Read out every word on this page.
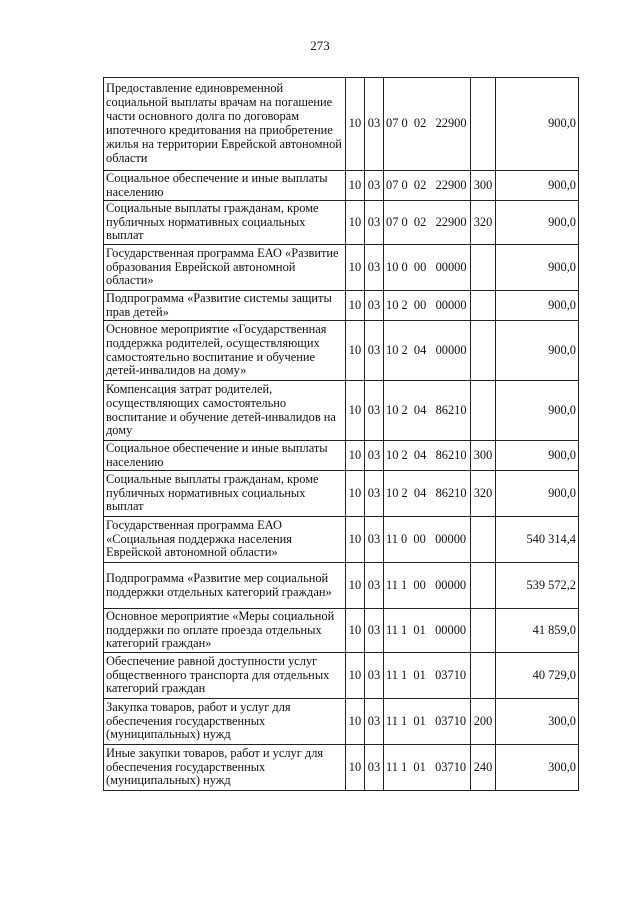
273
Предоставление единовременной социальной выплаты врачам на погашение части основного долга по договорам ипотечного кредитования на приобретение жилья на территории Еврейской автономной области	10	03	07 0  02   22900		900,0
Социальное обеспечение и иные выплаты населению	10	03	07 0  02   22900	300	900,0
Социальные выплаты гражданам, кроме публичных нормативных социальных выплат	10	03	07 0  02   22900	320	900,0
Государственная программа ЕАО «Развитие образования Еврейской автономной области»	10	03	10 0  00   00000		900,0
Подпрограмма «Развитие системы защиты прав детей»	10	03	10 2  00   00000		900,0
Основное мероприятие «Государственная поддержка родителей, осуществляющих самостоятельно воспитание и обучение детей-инвалидов на дому»	10	03	10 2  04   00000		900,0
Компенсация затрат родителей, осуществляющих самостоятельно воспитание и обучение детей-инвалидов на дому	10	03	10 2  04   86210		900,0
Социальное обеспечение и иные выплаты населению	10	03	10 2  04   86210	300	900,0
Социальные выплаты гражданам, кроме публичных нормативных социальных выплат	10	03	10 2  04   86210	320	900,0
Государственная программа ЕАО «Социальная поддержка населения Еврейской автономной области»	10	03	11 0  00   00000		540 314,4
Подпрограмма «Развитие мер социальной поддержки отдельных категорий граждан»	10	03	11 1  00   00000		539 572,2
Основное мероприятие «Меры социальной поддержки по оплате проезда отдельных категорий граждан»	10	03	11 1  01   00000		41 859,0
Обеспечение равной доступности услуг общественного транспорта для отдельных категорий граждан	10	03	11 1  01   03710		40 729,0
Закупка товаров, работ и услуг для обеспечения государственных (муниципальных) нужд	10	03	11 1  01   03710	200	300,0
Иные закупки товаров, работ и услуг для обеспечения государственных (муниципальных) нужд	10	03	11 1  01   03710	240	300,0
